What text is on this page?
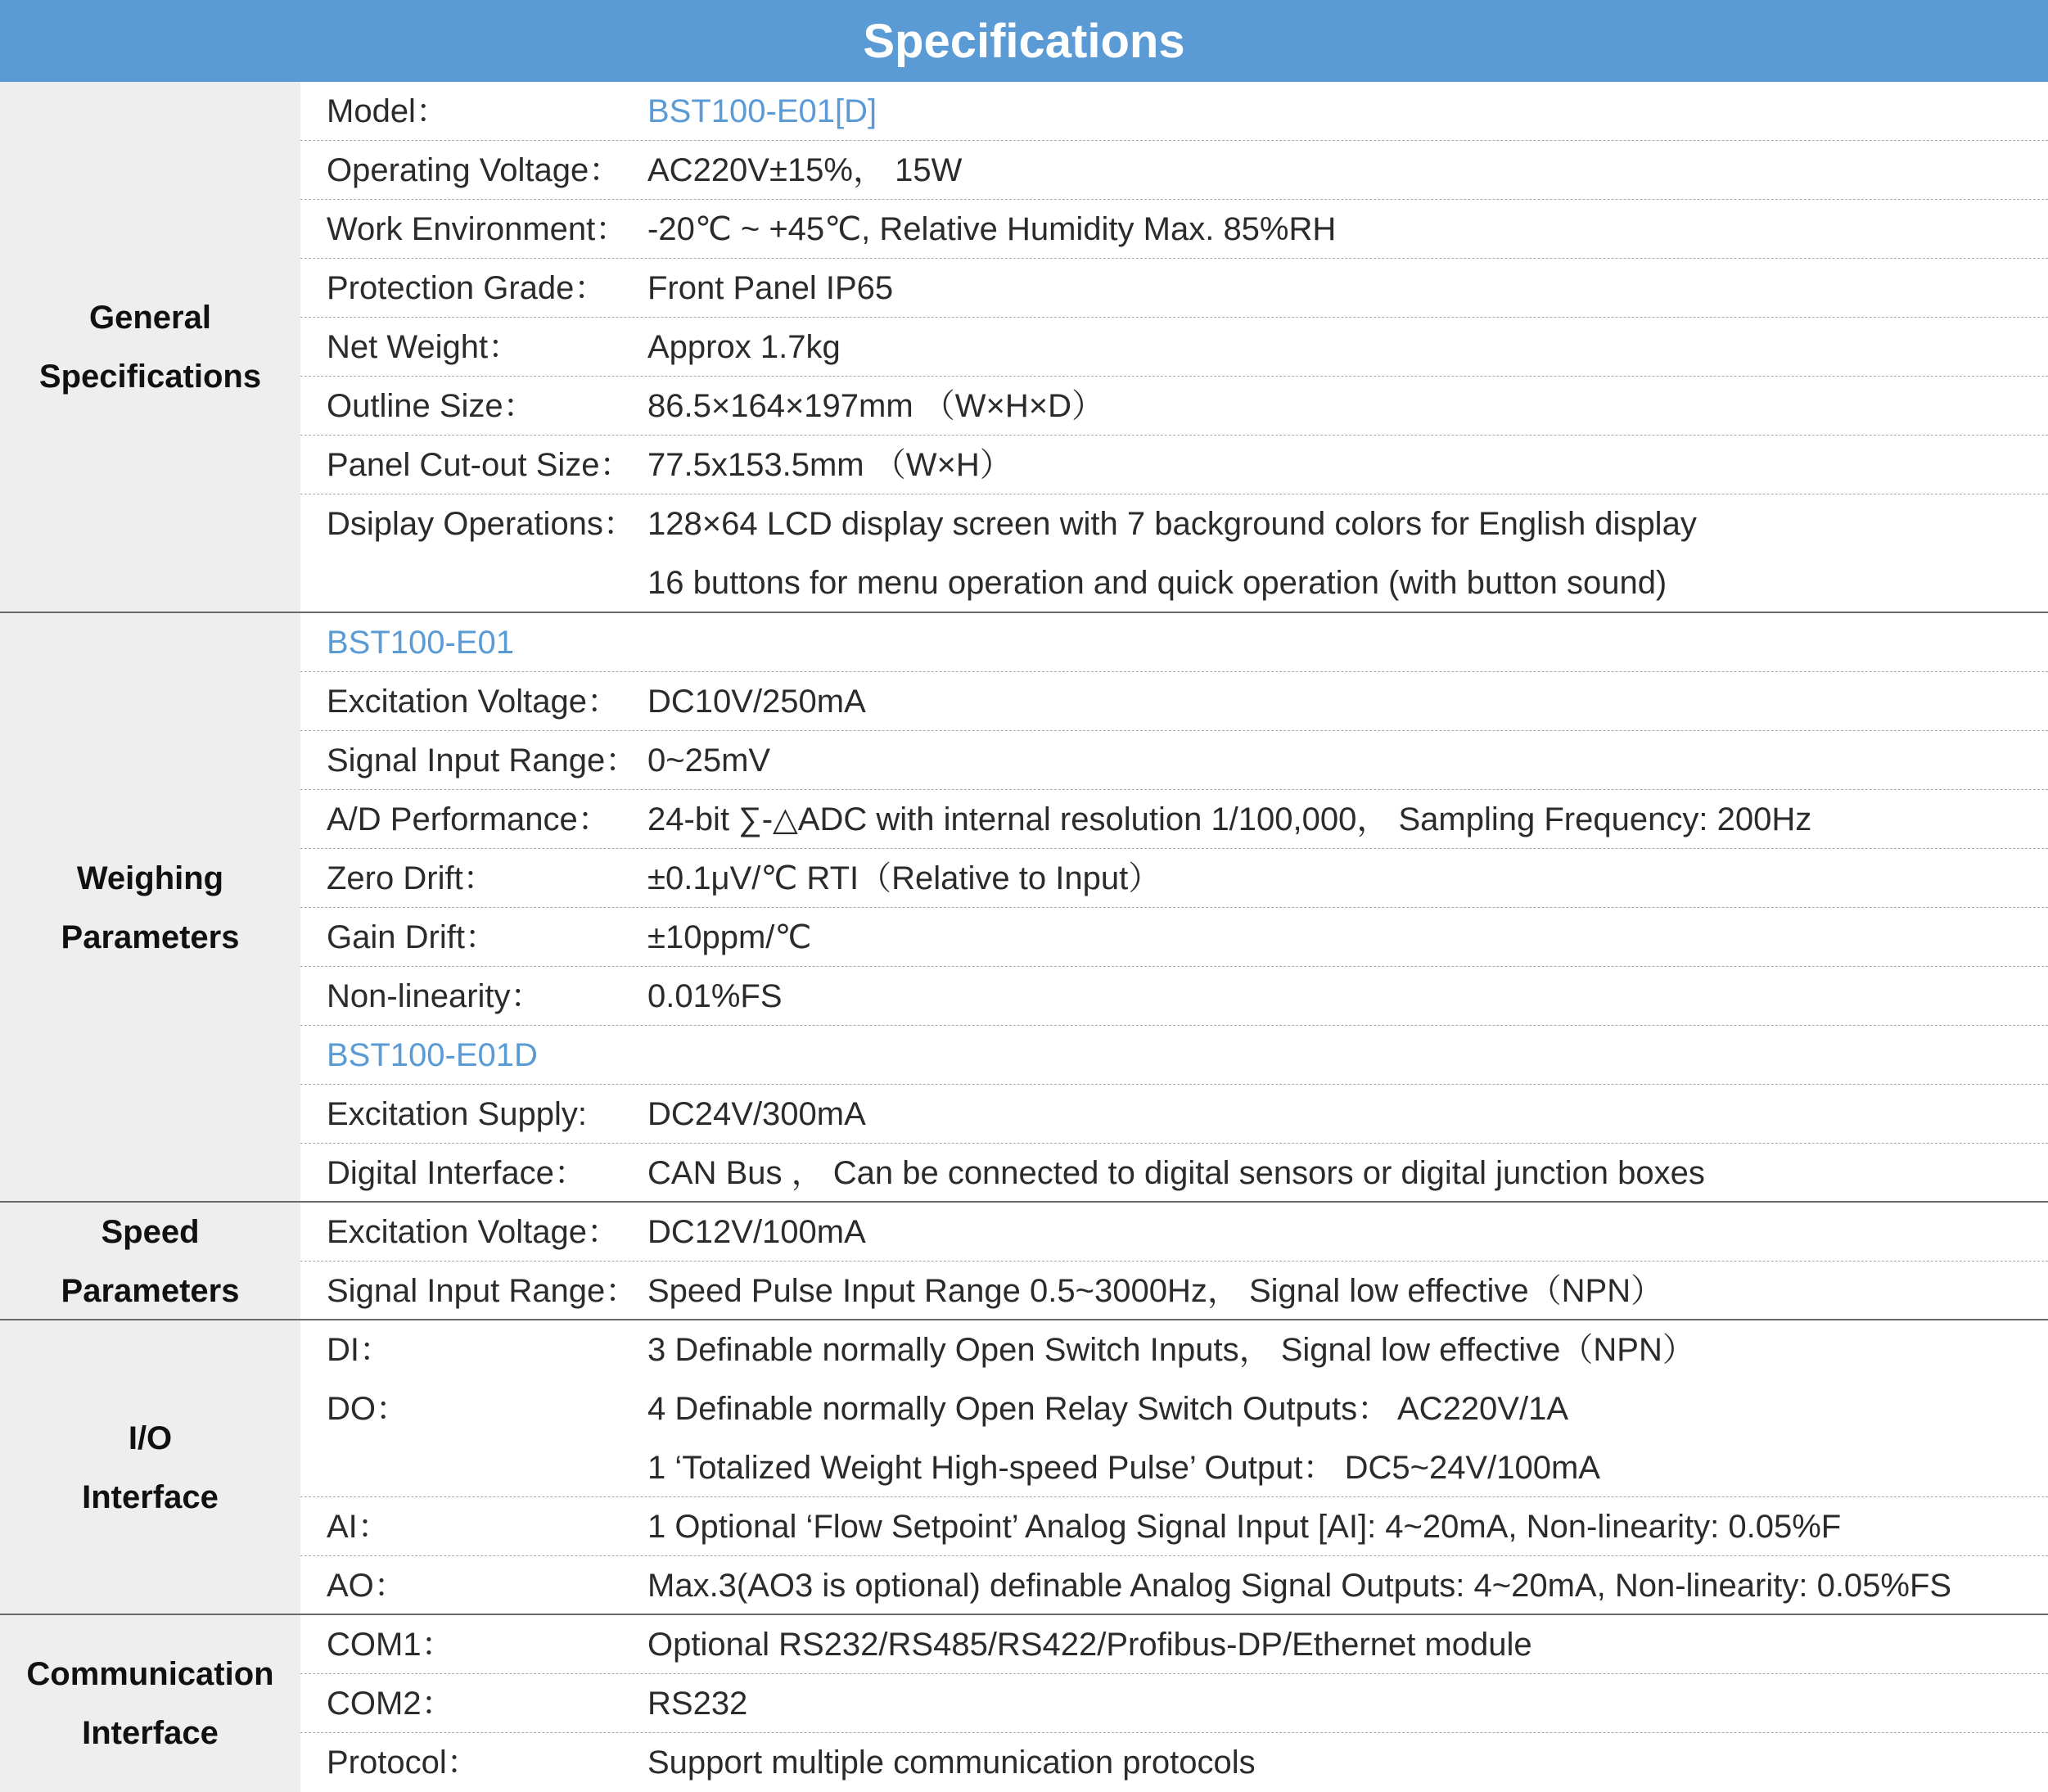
Specifications
General
Specifications
Model：	BST100-E01[D]
Operating Voltage： AC220V±15%， 15W
Work Environment： -20℃ ~ +45℃, Relative Humidity Max. 85%RH
Protection Grade： Front Panel IP65
Net Weight：	Approx 1.7kg
Outline Size：	86.5×164×197mm （W×H×D）
Panel Cut-out Size： 77.5x153.5mm （W×H）
Dsiplay Operations： 128×64 LCD display screen with 7 background colors for English display
16 buttons for menu operation and quick operation (with button sound)
Weighing
Parameters
BST100-E01
Excitation Voltage： DC10V/250mA
Signal Input Range： 0~25mV
A/D Performance： 24-bit ∑-△ADC with internal resolution 1/100,000， Sampling Frequency: 200Hz
Zero Drift：	±0.1μV/℃ RTI（Relative to Input）
Gain Drift：	±10ppm/℃
Non-linearity：	0.01%FS
BST100-E01D
Excitation Supply: DC24V/300mA
Digital Interface： CAN Bus ， Can be connected to digital sensors or digital junction boxes
Speed
Parameters
Excitation Voltage： DC12V/100mA
Signal Input Range： Speed Pulse Input Range 0.5~3000Hz， Signal low effective（NPN）
I/O
Interface
DI：	3 Definable normally Open Switch Inputs， Signal low effective（NPN）
DO：	4 Definable normally Open Relay Switch Outputs： AC220V/1A
1 ‘Totalized Weight High-speed Pulse’ Output： DC5~24V/100mA
AI：	1 Optional ‘Flow Setpoint’ Analog Signal Input [AI]: 4~20mA, Non-linearity: 0.05%F
AO：	Max.3(AO3 is optional) definable Analog Signal Outputs: 4~20mA, Non-linearity: 0.05%FS
Communication
Interface
COM1：	Optional RS232/RS485/RS422/Profibus-DP/Ethernet module
COM2：	RS232
Protocol：	Support multiple communication protocols
